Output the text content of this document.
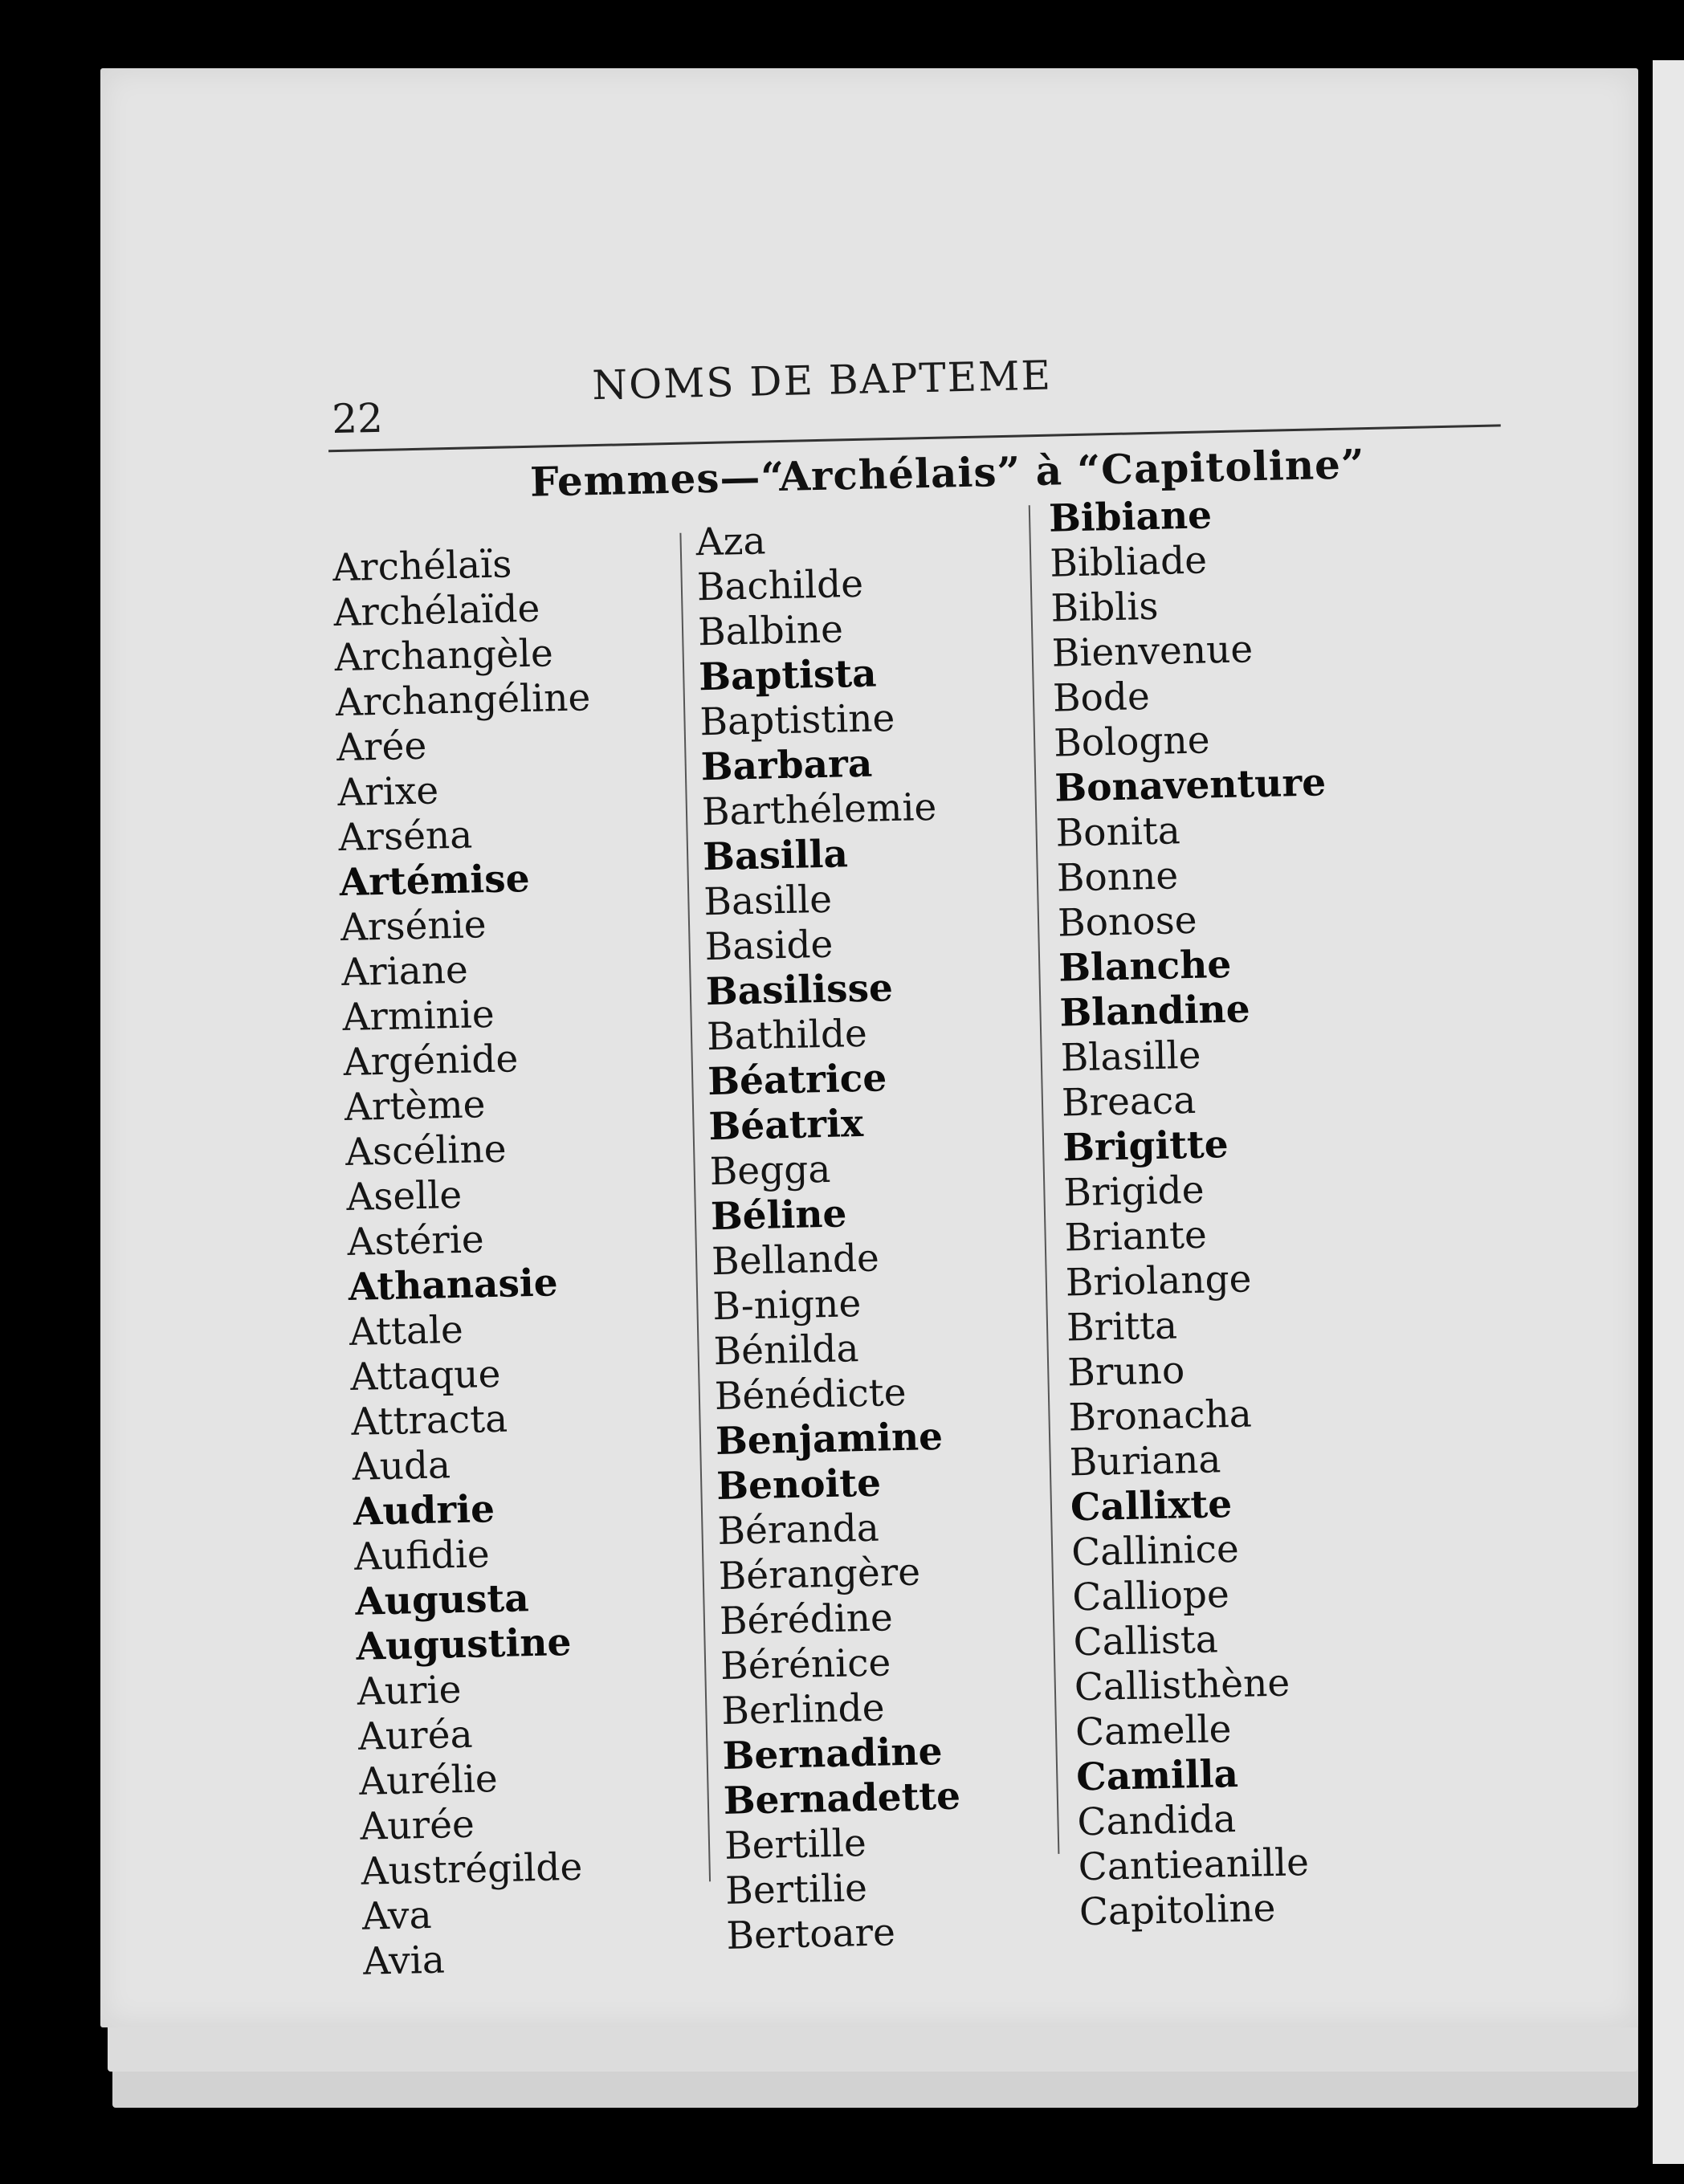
22
NOMS DE BAPTEME
Femmes—“Archélais” à “Capitoline”
Archélaïs
Archélaïde
Archangèle
Archangéline
Arée
Arixe
Arséna
Artémise
Arsénie
Ariane
Arminie
Argénide
Artème
Ascéline
Aselle
Astérie
Athanasie
Attale
Attaque
Attracta
Auda
Audrie
Aufidie
Augusta
Augustine
Aurie
Auréa
Aurélie
Aurée
Austrégilde
Ava
Avia
Aza
Bachilde
Balbine
Baptista
Baptistine
Barbara
Barthélemie
Basilla
Basille
Baside
Basilisse
Bathilde
Béatrice
Béatrix
Begga
Béline
Bellande
B-nigne
Bénilda
Bénédicte
Benjamine
Benoite
Béranda
Bérangère
Bérédine
Bérénice
Berlinde
Bernadine
Bernadette
Bertille
Bertilie
Bertoare
Bibiane
Bibliade
Biblis
Bienvenue
Bode
Bologne
Bonaventure
Bonita
Bonne
Bonose
Blanche
Blandine
Blasille
Breaca
Brigitte
Brigide
Briante
Briolange
Britta
Bruno
Bronacha
Buriana
Callixte
Callinice
Calliope
Callista
Callisthène
Camelle
Camilla
Candida
Cantieanille
Capitoline
